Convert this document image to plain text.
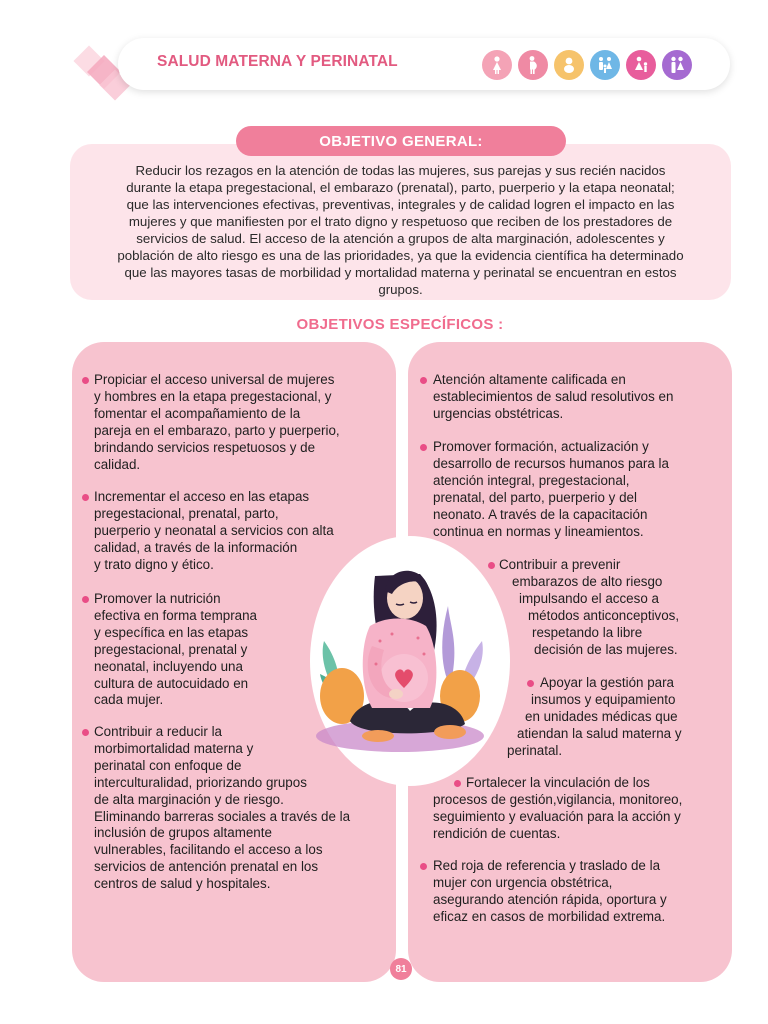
SALUD MATERNA Y PERINATAL
Reducir los rezagos en la atención de todas las mujeres, sus parejas y sus recién nacidos
durante la etapa pregestacional, el embarazo (prenatal), parto, puerperio y la etapa neonatal;
que las intervenciones efectivas, preventivas, integrales y de calidad logren el impacto en las
mujeres y que manifiesten por el trato digno y respetuoso que reciben de los prestadores de
servicios de salud. El acceso de la atención a grupos de alta marginación, adolescentes y
población de alto riesgo es una de las prioridades, ya que la evidencia científica ha determinado
que las mayores tasas de morbilidad y mortalidad materna y perinatal se encuentran en estos
grupos.
OBJETIVO GENERAL:
OBJETIVOS ESPECÍFICOS :
Propiciar el acceso universal de mujeres
y hombres en la etapa pregestacional, y
fomentar el acompañamiento de la
pareja en el embarazo, parto y puerperio,
brindando servicios respetuosos y de
calidad.
Incrementar el acceso en las etapas
pregestacional, prenatal, parto,
puerperio y neonatal a servicios con alta
calidad, a través de la información
y trato digno y ético.
Promover la nutrición
efectiva en forma temprana
y específica en las etapas
pregestacional, prenatal y
neonatal, incluyendo una
cultura de autocuidado en
cada mujer.
Contribuir a reducir la
morbimortalidad materna y
perinatal con enfoque de
interculturalidad, priorizando grupos
de alta marginación y de riesgo.
Eliminando barreras sociales a través de la
inclusión de grupos altamente
vulnerables, facilitando el acceso a los
servicios de antención prenatal en los
centros de salud y hospitales.
Atención altamente calificada en
establecimientos de salud resolutivos en
urgencias obstétricas.
Promover formación, actualización y
desarrollo de recursos humanos para la
atención integral, pregestacional,
prenatal, del parto, puerperio y del
neonato. A través de la capacitación
continua en normas y lineamientos.
Contribuir a prevenir
embarazos de alto riesgo
impulsando el acceso a
métodos anticonceptivos,
respetando la libre
decisión de las mujeres.
Apoyar la gestión para
insumos y equipamiento
en unidades médicas que
atiendan la salud materna y
perinatal.
Fortalecer la vinculación de los
procesos de gestión,vigilancia, monitoreo,
seguimiento y evaluación para la acción y
rendición de cuentas.
Red roja de referencia y traslado de la
mujer con urgencia obstétrica,
asegurando atención rápida, oportura y
eficaz en casos de morbilidad extrema.
81
